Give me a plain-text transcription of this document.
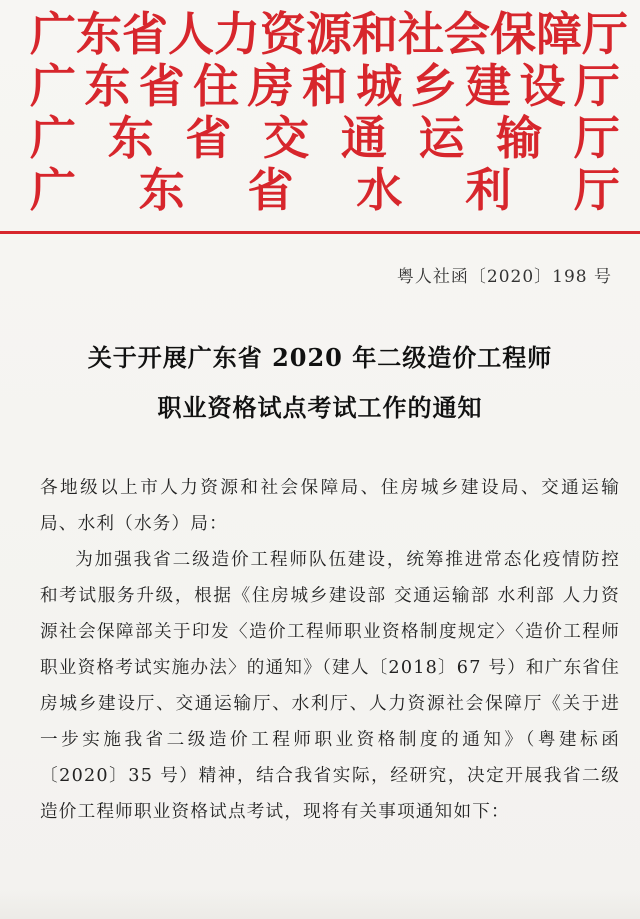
广 东 省 人 力 资 源 和 社 会 保 障 厅
广 东 省 住 房 和 城 乡 建 设 厅
广 东 省 交 通 运 输 厅
广 东 省 水 利 厅
粤人社函〔2020〕198 号
关于开展广东省 2020 年二级造价工程师
职业资格试点考试工作的通知

各地级以上市人力资源和社会保障局、住房城乡建设局、交通运输局、水利（水务）局：

为加强我省二级造价工程师队伍建设，统筹推进常态化疫情防控和考试服务升级，根据《住房城乡建设部 交通运输部 水利部 人力资源社会保障部关于印发〈造价工程师职业资格制度规定〉〈造价工程师职业资格考试实施办法〉的通知》（建人〔2018〕67 号）和广东省住房城乡建设厅、交通运输厅、水利厅、人力资源社会保障厅《关于进一步实施我省二级造价工程师职业资格制度的通知》（粤建标函〔2020〕35 号）精神，结合我省实际，经研究，决定开展我省二级造价工程师职业资格试点考试，现将有关事项通知如下：
